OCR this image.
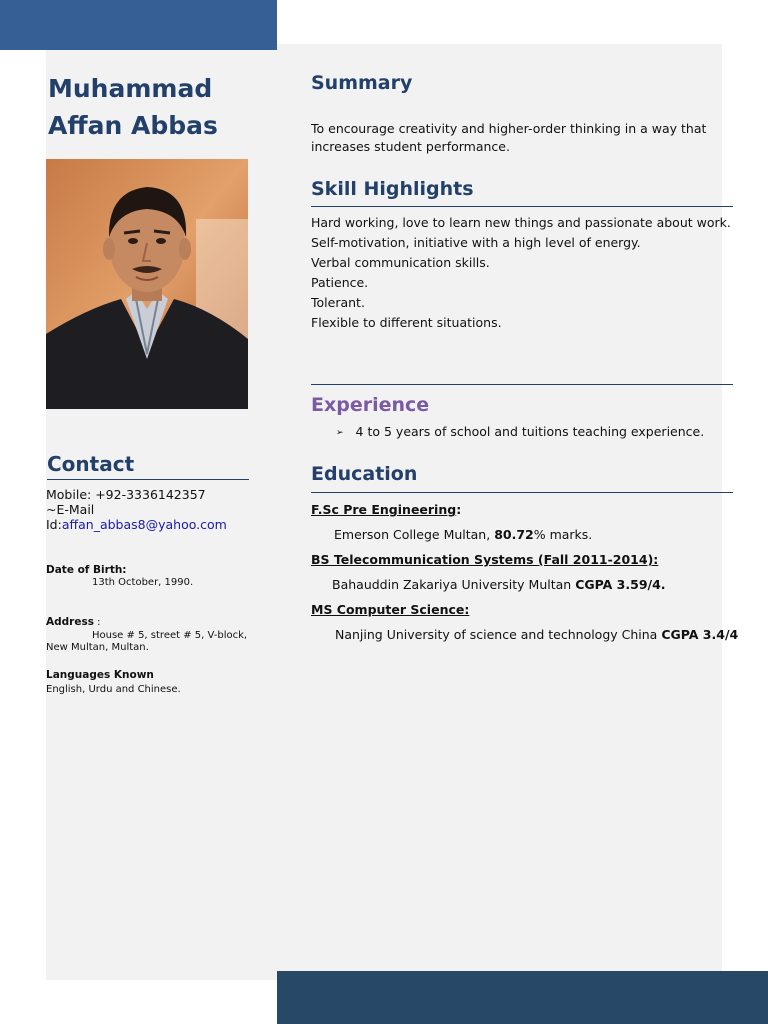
Muhammad
Affan Abbas
Contact
Mobile: +92-3336142357
~E-Mail
Id:affan_abbas8@yahoo.com
Date of Birth:
13th October, 1990.
Address :
House # 5, street # 5, V-block,
New Multan, Multan.
Languages Known
English, Urdu and Chinese.
Summary
To encourage creativity and higher-order thinking in a way that increases student performance.
Skill Highlights
Hard working, love to learn new things and passionate about work.
Self-motivation, initiative with a high level of energy.
Verbal communication skills.
Patience.
Tolerant.
Flexible to different situations.
Experience
➢ 4 to 5 years of school and tuitions teaching experience.
Education
F.Sc Pre Engineering:
Emerson College Multan, 80.72% marks.
BS Telecommunication Systems (Fall 2011-2014):
Bahauddin Zakariya University Multan CGPA 3.59/4.
MS Computer Science:
Nanjing University of science and technology China CGPA 3.4/4
